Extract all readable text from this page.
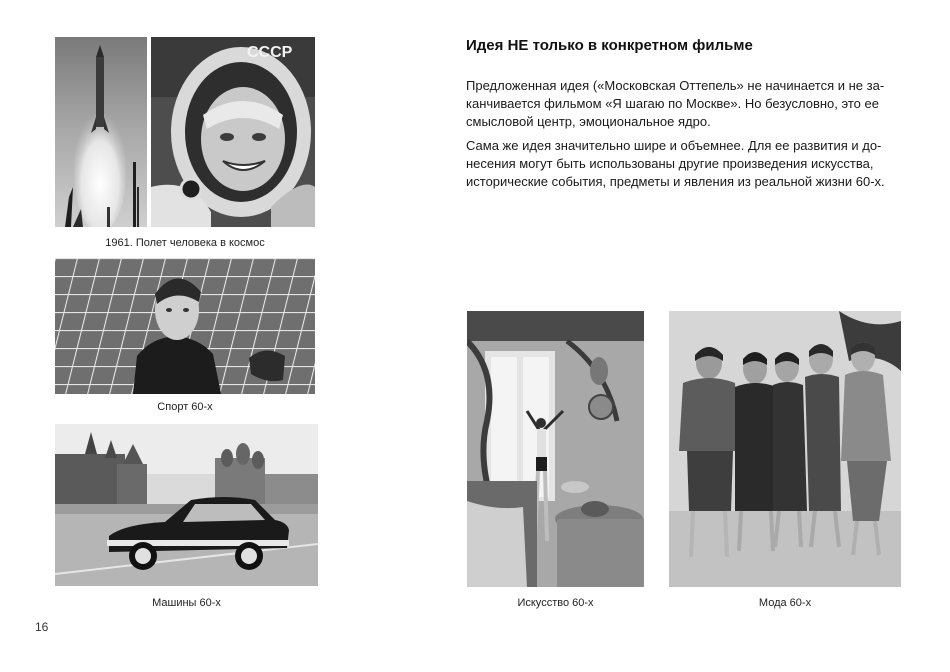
СССР
1961. Полет человека в космос
Спорт 60-х
Машины 60-х
16
Идея НЕ только в конкретном фильме

Предложенная идея («Московская Оттепель» не начинается и не за-
канчивается фильмом «Я шагаю по Москве». Но безусловно, это ее
смысловой центр, эмоциональное ядро.

Сама же идея значительно шире и объемнее. Для ее развития и до-
несения могут быть использованы другие произведения искусства,
исторические события, предметы и явления из реальной жизни 60-х.

Искусство 60-х	Мода 60-х
